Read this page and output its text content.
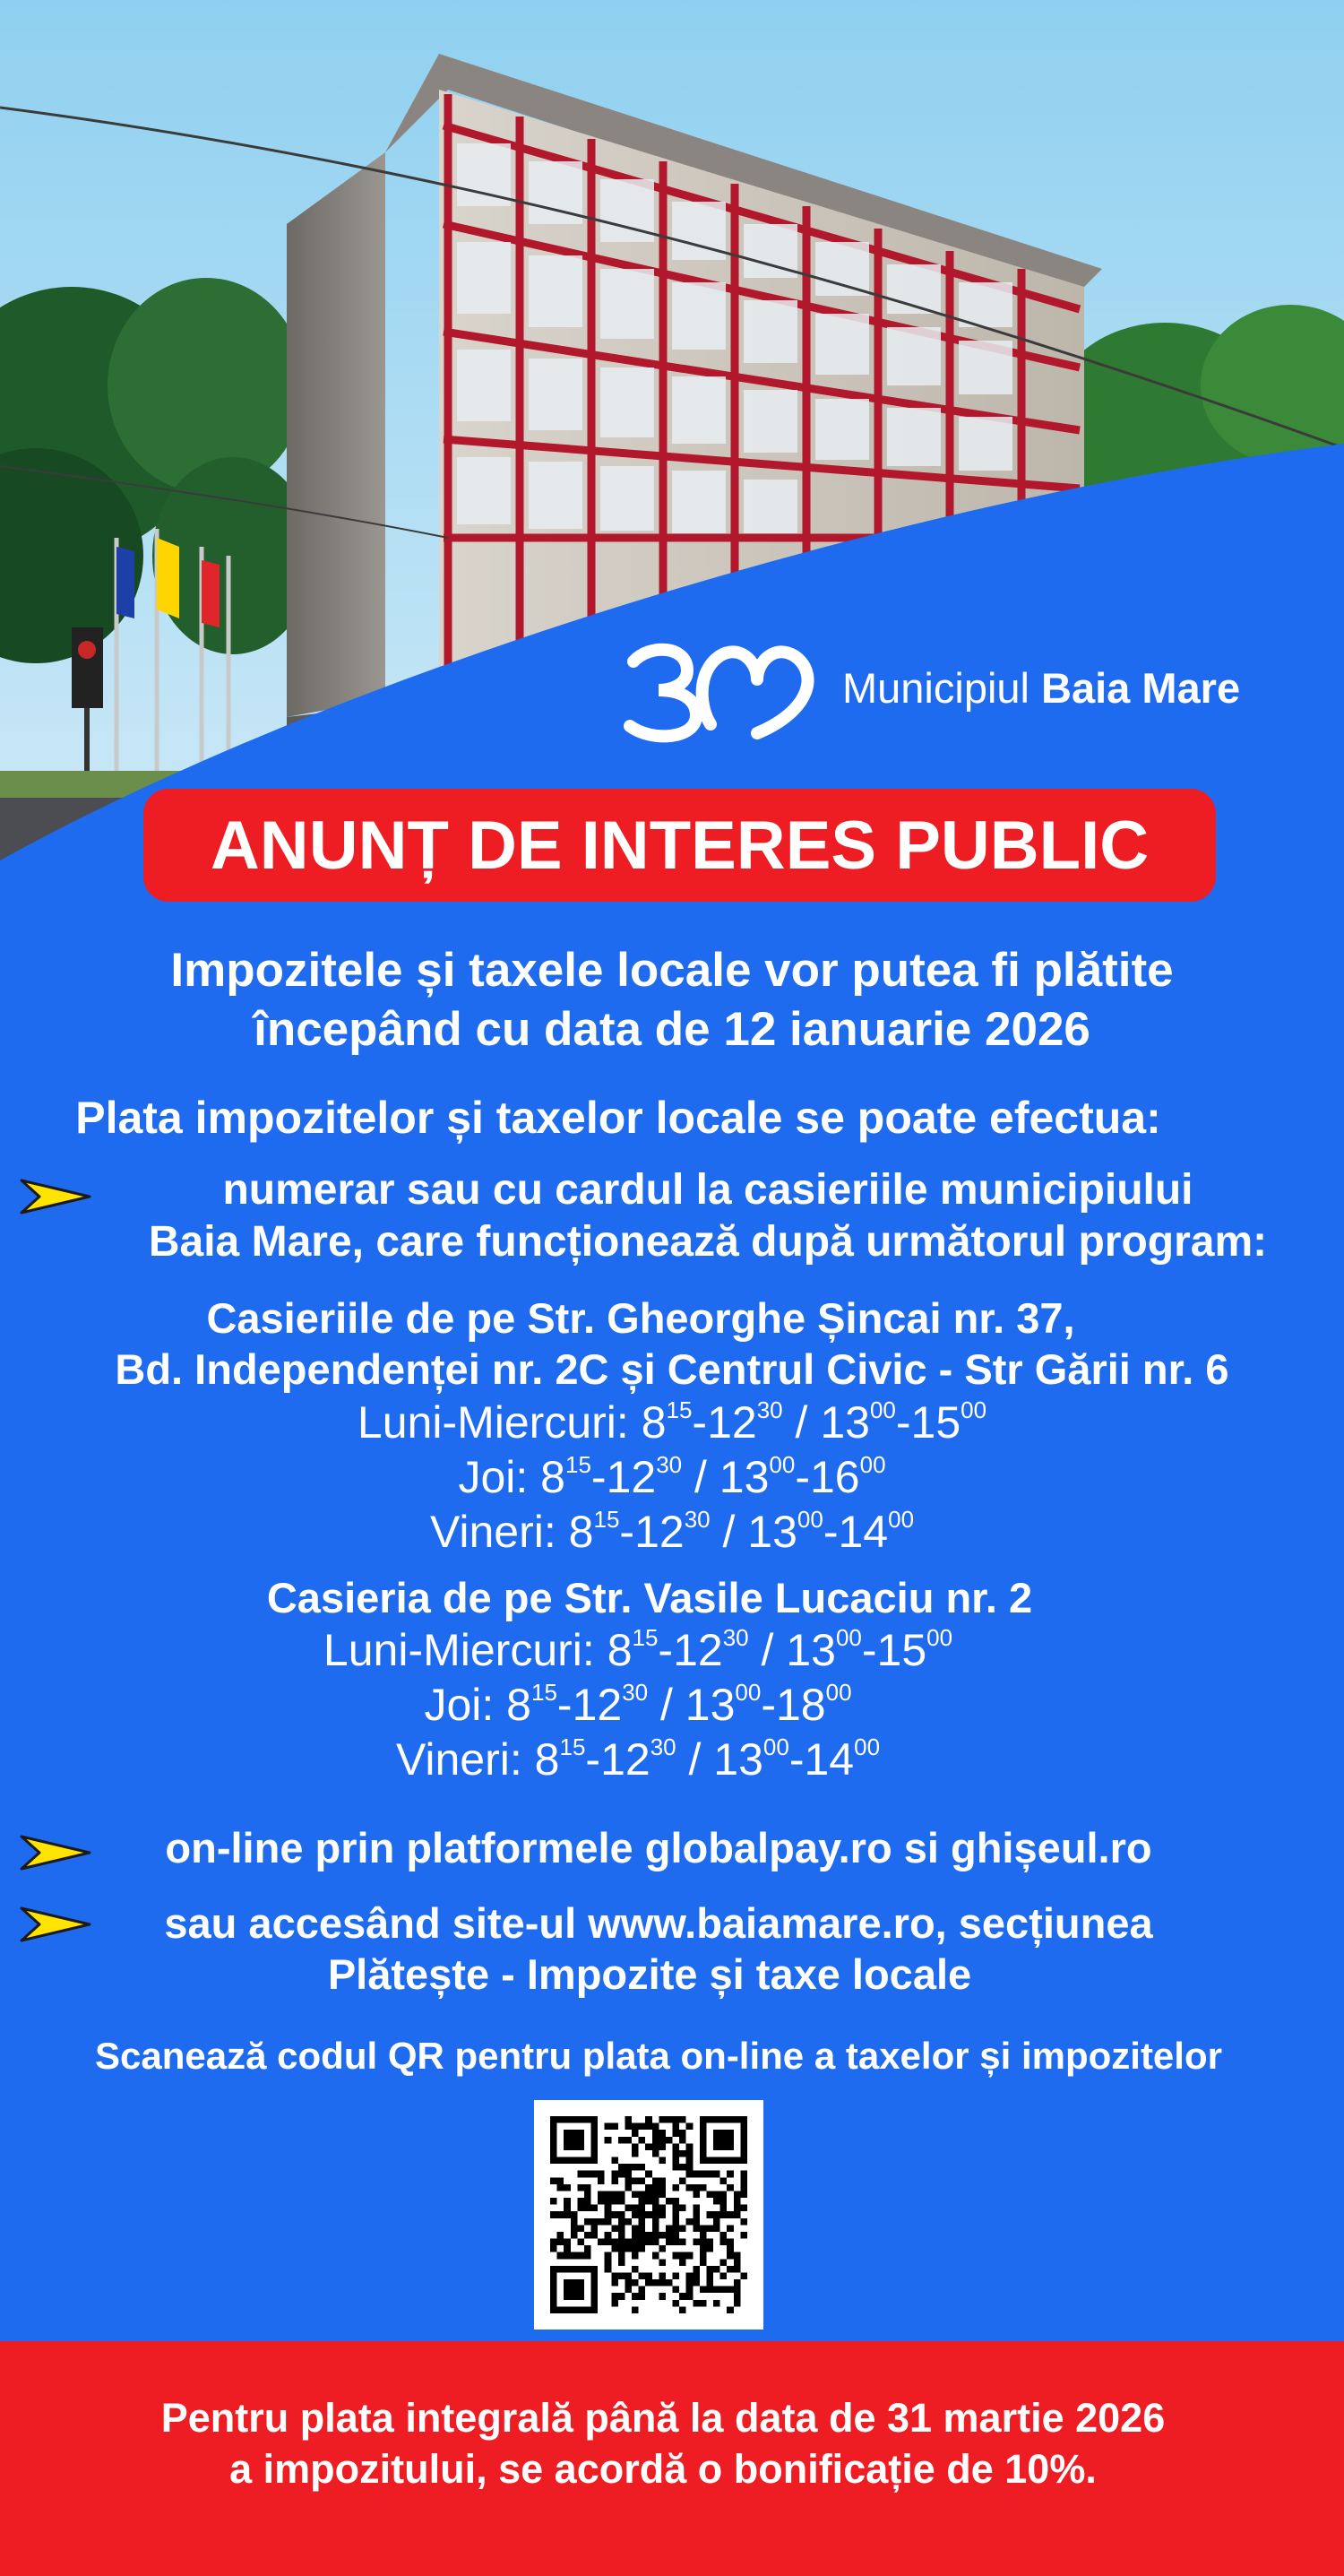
Municipiul Baia Mare
ANUNȚ DE INTERES PUBLIC
Impozitele și taxele locale vor putea fi plătite
începând cu data de 12 ianuarie 2026
Plata impozitelor și taxelor locale se poate efectua:
numerar sau cu cardul la casieriile municipiului
Baia Mare, care funcționează după următorul program:
Casieriile de pe Str. Gheorghe Șincai nr. 37,
Bd. Independenței nr. 2C și Centrul Civic - Str Gării nr. 6
Luni-Miercuri: $8^{15}-12^{30} / 13^{00}-15^{00}$
Joi: $8^{15}-12^{30} / 13^{00}-16^{00}$
Vineri: $8^{15}-12^{30} / 13^{00}-14^{00}$
Casieria de pe Str. Vasile Lucaciu nr. 2
Luni-Miercuri: $8^{15}-12^{30} / 13^{00}-15^{00}$
Joi: $8^{15}-12^{30} / 13^{00}-18^{00}$
Vineri: $8^{15}-12^{30} / 13^{00}-14^{00}$
on-line prin platformele globalpay.ro si ghișeul.ro
sau accesând site-ul www.baiamare.ro, secțiunea
Plătește - Impozite și taxe locale
Scanează codul QR pentru plata on-line a taxelor și impozitelor
Pentru plata integrală până la data de 31 martie 2026
a impozitului, se acordă o bonificație de 10%.
